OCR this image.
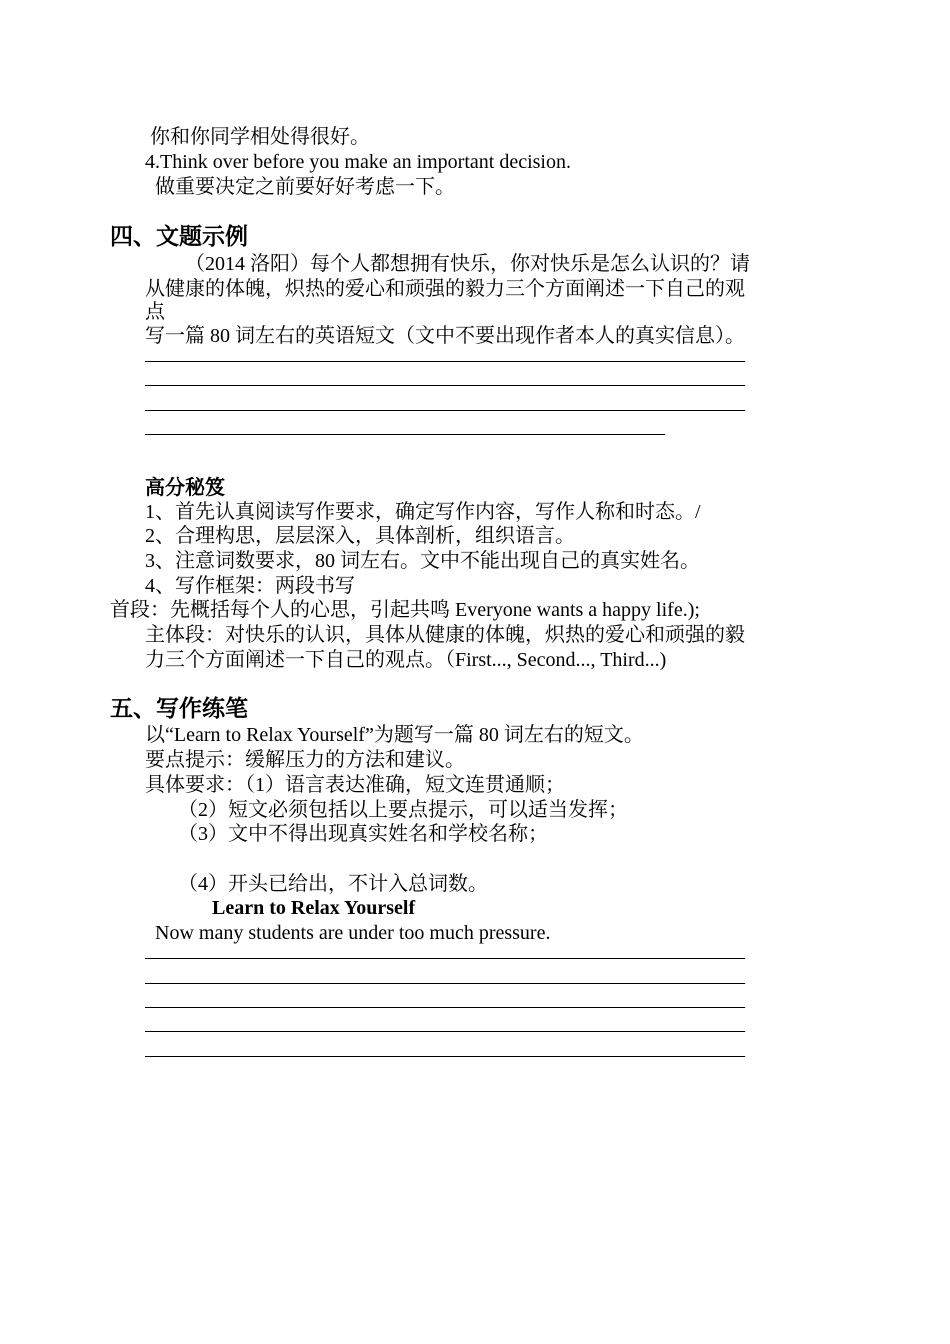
你和你同学相处得很好。
4.Think over before you make an important decision.
做重要决定之前要好好考虑一下。
四、文题示例
（2014 洛阳）每个人都想拥有快乐，你对快乐是怎么认识的？请
从健康的体魄，炽热的爱心和顽强的毅力三个方面阐述一下自己的观
点
写一篇 80 词左右的英语短文（文中不要出现作者本人的真实信息）。
——————————————————————————————
——————————————————————————————
——————————————————————————————
——————————————————————————
高分秘笈
1、首先认真阅读写作要求，确定写作内容，写作人称和时态。/
2、合理构思，层层深入，具体剖析，组织语言。
3、注意词数要求，80 词左右。文中不能出现自己的真实姓名。
4、写作框架：两段书写
首段：先概括每个人的心思，引起共鸣 Everyone wants a happy life.);
主体段：对快乐的认识，具体从健康的体魄，炽热的爱心和顽强的毅
力三个方面阐述一下自己的观点。（First..., Second..., Third...)
五、写作练笔
以“Learn to Relax Yourself”为题写一篇 80 词左右的短文。
要点提示：缓解压力的方法和建议。
具体要求：（1）语言表达准确，短文连贯通顺；
（2）短文必须包括以上要点提示，可以适当发挥；
（3）文中不得出现真实姓名和学校名称；
（4）开头已给出，不计入总词数。
Learn to Relax Yourself
Now many students are under too much pressure.
——————————————————————————————
——————————————————————————————
——————————————————————————————
——————————————————————————————
——————————————————————————————
